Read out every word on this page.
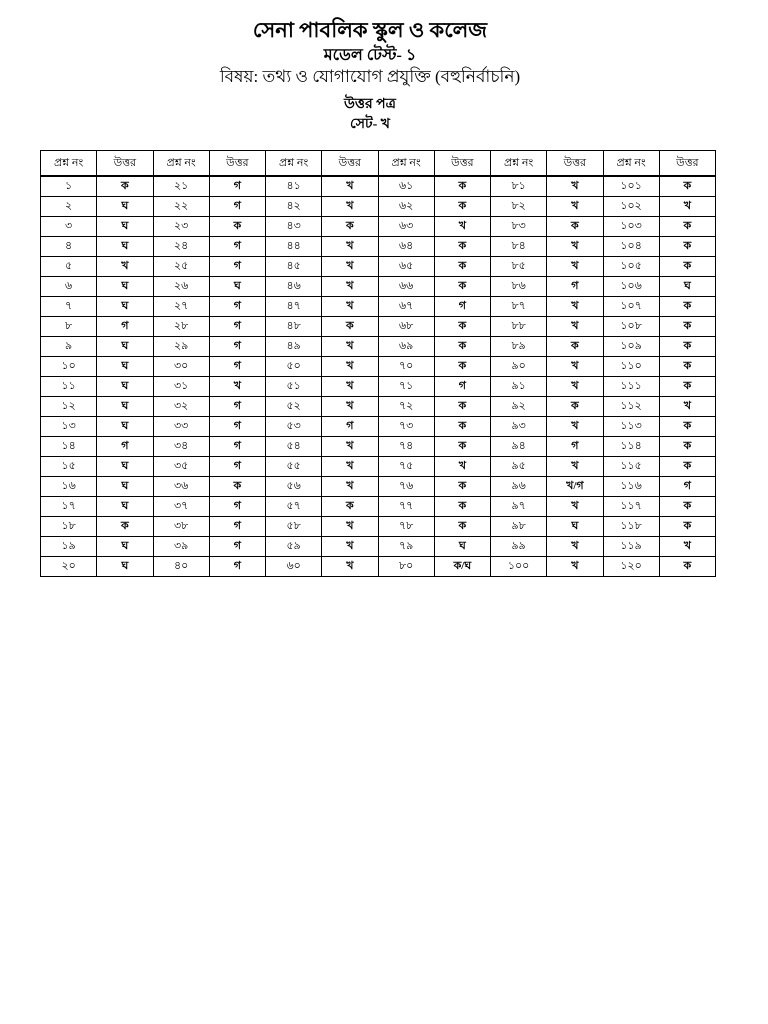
সেনা পাবলিক স্কুল ও কলেজ
মডেল টেস্ট- ১
বিষয়: তথ্য ও যোগাযোগ প্রযুক্তি (বহুনির্বাচনি)
উত্তর পত্র
সেট- খ
প্রশ্ন নং	উত্তর	প্রশ্ন নং	উত্তর	প্রশ্ন নং	উত্তর	প্রশ্ন নং	উত্তর	প্রশ্ন নং	উত্তর	প্রশ্ন নং	উত্তর
১	ক	২১	গ	৪১	খ	৬১	ক	৮১	খ	১০১	ক
২	ঘ	২২	গ	৪২	খ	৬২	ক	৮২	খ	১০২	খ
৩	ঘ	২৩	ক	৪৩	ক	৬৩	খ	৮৩	ক	১০৩	ক
৪	ঘ	২৪	গ	৪৪	খ	৬৪	ক	৮৪	খ	১০৪	ক
৫	খ	২৫	গ	৪৫	খ	৬৫	ক	৮৫	খ	১০৫	ক
৬	ঘ	২৬	ঘ	৪৬	খ	৬৬	ক	৮৬	গ	১০৬	ঘ
৭	ঘ	২৭	গ	৪৭	খ	৬৭	গ	৮৭	খ	১০৭	ক
৮	গ	২৮	গ	৪৮	ক	৬৮	ক	৮৮	খ	১০৮	ক
৯	ঘ	২৯	গ	৪৯	খ	৬৯	ক	৮৯	ক	১০৯	ক
১০	ঘ	৩০	গ	৫০	খ	৭০	ক	৯০	খ	১১০	ক
১১	ঘ	৩১	খ	৫১	খ	৭১	গ	৯১	খ	১১১	ক
১২	ঘ	৩২	গ	৫২	খ	৭২	ক	৯২	ক	১১২	খ
১৩	ঘ	৩৩	গ	৫৩	গ	৭৩	ক	৯৩	খ	১১৩	ক
১৪	গ	৩৪	গ	৫৪	খ	৭৪	ক	৯৪	গ	১১৪	ক
১৫	ঘ	৩৫	গ	৫৫	খ	৭৫	খ	৯৫	খ	১১৫	ক
১৬	ঘ	৩৬	ক	৫৬	খ	৭৬	ক	৯৬	খ/গ	১১৬	গ
১৭	ঘ	৩৭	গ	৫৭	ক	৭৭	ক	৯৭	খ	১১৭	ক
১৮	ক	৩৮	গ	৫৮	খ	৭৮	ক	৯৮	ঘ	১১৮	ক
১৯	ঘ	৩৯	গ	৫৯	খ	৭৯	ঘ	৯৯	খ	১১৯	খ
২০	ঘ	৪০	গ	৬০	খ	৮০	ক/ঘ	১০০	খ	১২০	ক
